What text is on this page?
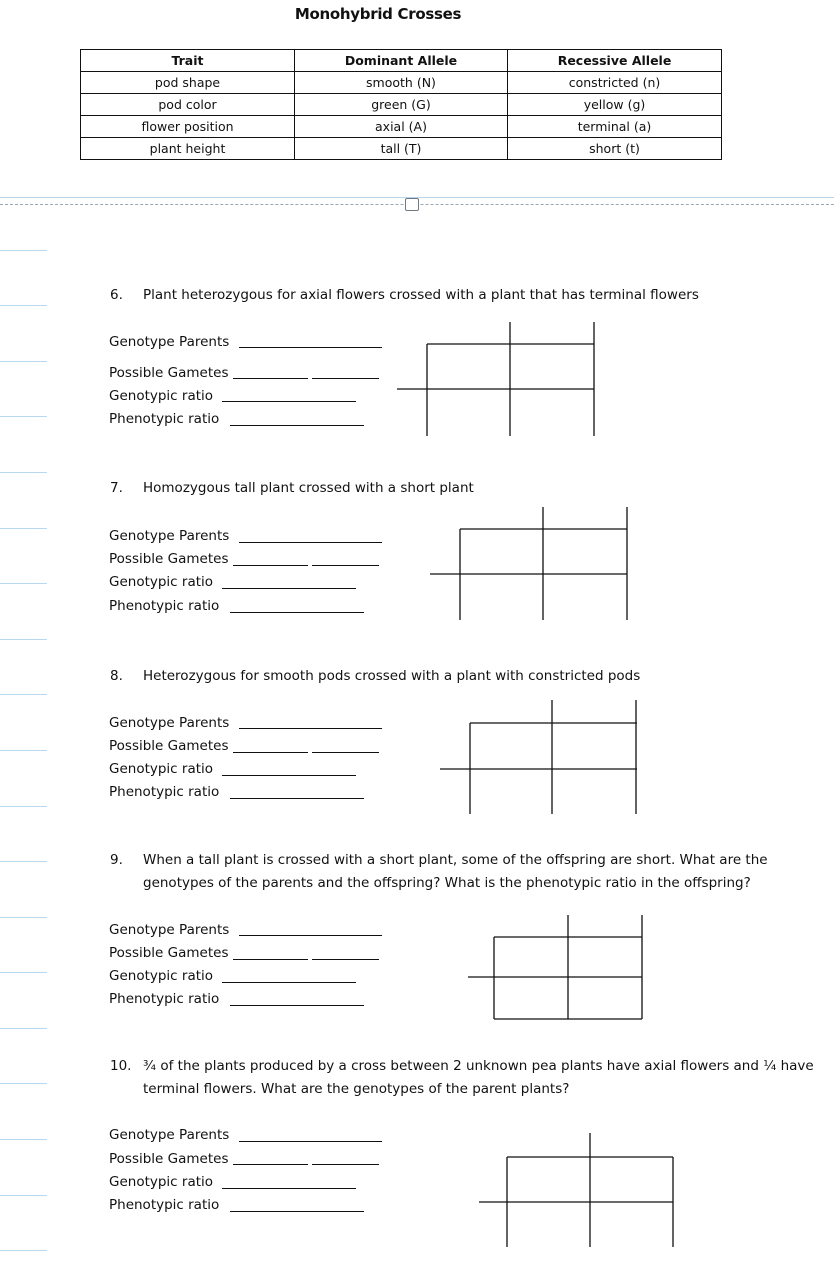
Monohybrid Crosses
Trait	Dominant Allele	Recessive Allele
pod shape	smooth (N)	constricted (n)
pod color	green (G)	yellow (g)
flower position	axial (A)	terminal (a)
plant height	tall (T)	short (t)
6. Plant heterozygous for axial flowers crossed with a plant that has terminal flowers
Genotype Parents
Possible Gametes
Genotypic ratio
Phenotypic ratio
7. Homozygous tall plant crossed with a short plant
Genotype Parents
Possible Gametes
Genotypic ratio
Phenotypic ratio
8. Heterozygous for smooth pods crossed with a plant with constricted pods
Genotype Parents
Possible Gametes
Genotypic ratio
Phenotypic ratio
9. When a tall plant is crossed with a short plant, some of the offspring are short. What are the
genotypes of the parents and the offspring? What is the phenotypic ratio in the offspring?
Genotype Parents
Possible Gametes
Genotypic ratio
Phenotypic ratio
10. ¾ of the plants produced by a cross between 2 unknown pea plants have axial flowers and ¼ have
terminal flowers. What are the genotypes of the parent plants?
Genotype Parents
Possible Gametes
Genotypic ratio
Phenotypic ratio
